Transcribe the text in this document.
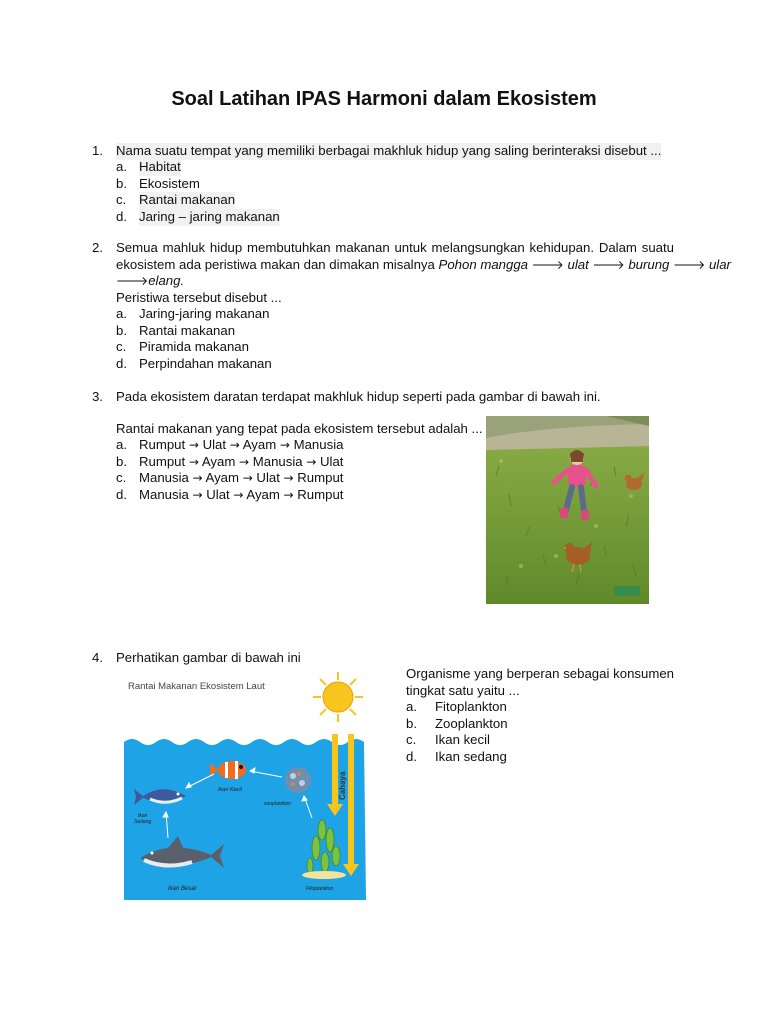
Soal Latihan IPAS Harmoni dalam Ekosistem
1. Nama suatu tempat yang memiliki berbagai makhluk hidup yang saling berinteraksi disebut ...
a. Habitat
b. Ekosistem
c. Rantai makanan
d. Jaring – jaring makanan
2. Semua mahluk hidup membutuhkan makanan untuk melangsungkan kehidupan. Dalam suatu
ekosistem ada peristiwa makan dan dimakan misalnya Pohon mangga 🡒 ulat 🡒 burung 🡒 ular
🡒elang.
Peristiwa tersebut disebut ...
a. Jaring-jaring makanan
b. Rantai makanan
c. Piramida makanan
d. Perpindahan makanan
3. Pada ekosistem daratan terdapat makhluk hidup seperti pada gambar di bawah ini.
Rantai makanan yang tepat pada ekosistem tersebut adalah ...
a. Rumput → Ulat → Ayam → Manusia
b. Rumput → Ayam → Manusia → Ulat
c. Manusia → Ayam → Ulat → Rumput
d. Manusia → Ulat → Ayam → Rumput
4. Perhatikan gambar di bawah ini
Rantai Makanan Ekosistem Laut
Cahaya
Ikan Kecil
zooplankton
Ikan
Sedang
Ikan Besar	Fitoplankton
Organisme yang berperan sebagai konsumen tingkat satu yaitu ...
a. Fitoplankton
b. Zooplankton
c. Ikan kecil
d. Ikan sedang
